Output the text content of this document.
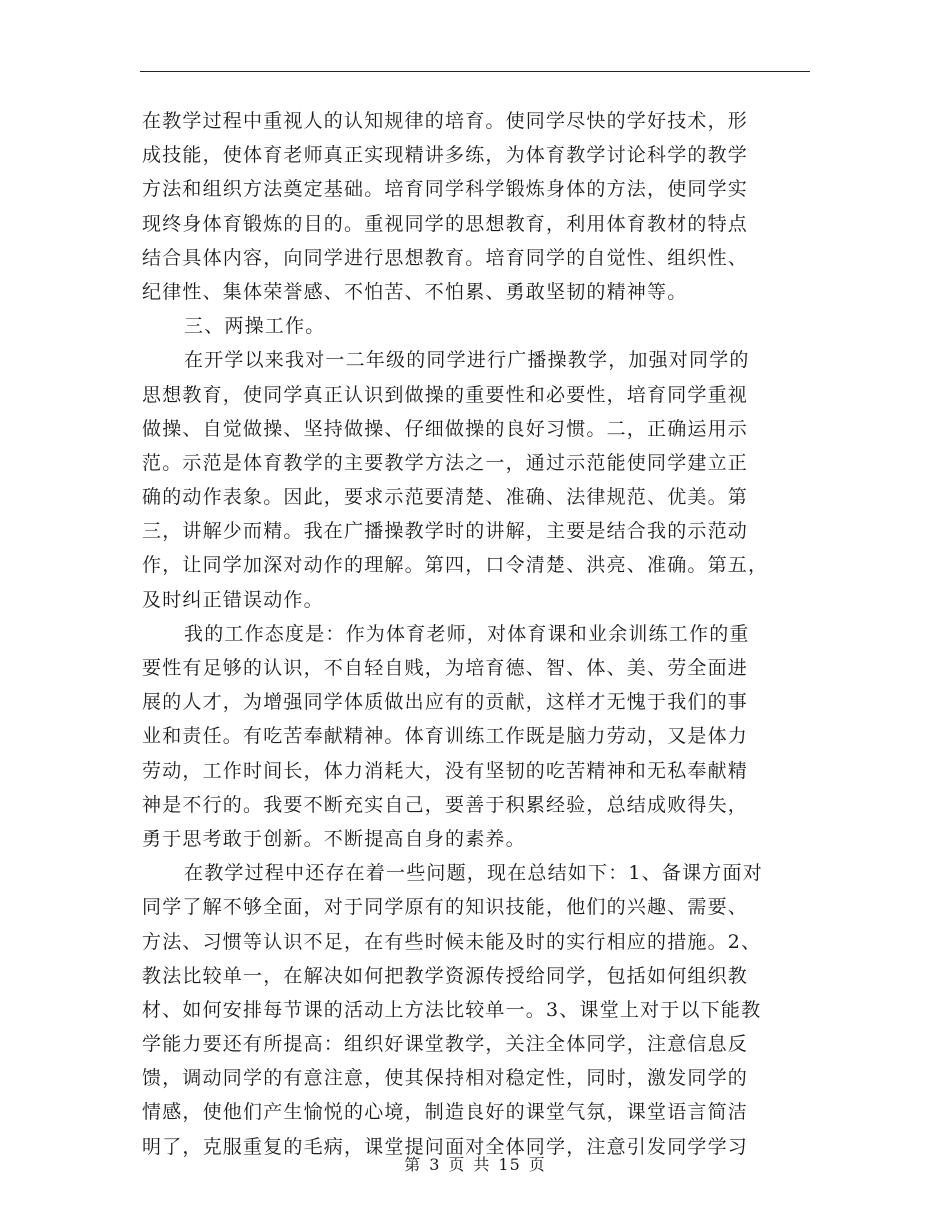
在教学过程中重视人的认知规律的培育。使同学尽快的学好技术，形
成技能，使体育老师真正实现精讲多练，为体育教学讨论科学的教学
方法和组织方法奠定基础。培育同学科学锻炼身体的方法，使同学实
现终身体育锻炼的目的。重视同学的思想教育，利用体育教材的特点
结合具体内容，向同学进行思想教育。培育同学的自觉性、组织性、
纪律性、集体荣誉感、不怕苦、不怕累、勇敢坚韧的精神等。
三、两操工作。
在开学以来我对一二年级的同学进行广播操教学，加强对同学的
思想教育，使同学真正认识到做操的重要性和必要性，培育同学重视
做操、自觉做操、坚持做操、仔细做操的良好习惯。二，正确运用示
范。示范是体育教学的主要教学方法之一，通过示范能使同学建立正
确的动作表象。因此，要求示范要清楚、准确、法律规范、优美。第
三，讲解少而精。我在广播操教学时的讲解，主要是结合我的示范动
作，让同学加深对动作的理解。第四，口令清楚、洪亮、准确。第五，
及时纠正错误动作。
我的工作态度是：作为体育老师，对体育课和业余训练工作的重
要性有足够的认识，不自轻自贱，为培育德、智、体、美、劳全面进
展的人才，为增强同学体质做出应有的贡献，这样才无愧于我们的事
业和责任。有吃苦奉献精神。体育训练工作既是脑力劳动，又是体力
劳动，工作时间长，体力消耗大，没有坚韧的吃苦精神和无私奉献精
神是不行的。我要不断充实自己，要善于积累经验，总结成败得失，
勇于思考敢于创新。不断提高自身的素养。
在教学过程中还存在着一些问题，现在总结如下：1、备课方面对
同学了解不够全面，对于同学原有的知识技能，他们的兴趣、需要、
方法、习惯等认识不足，在有些时候未能及时的实行相应的措施。2、
教法比较单一，在解决如何把教学资源传授给同学，包括如何组织教
材、如何安排每节课的活动上方法比较单一。3、课堂上对于以下能教
学能力要还有所提高：组织好课堂教学，关注全体同学，注意信息反
馈，调动同学的有意注意，使其保持相对稳定性，同时，激发同学的
情感，使他们产生愉悦的心境，制造良好的课堂气氛，课堂语言简洁
明了，克服重复的毛病，课堂提问面对全体同学，注意引发同学学习
第 3 页 共 15 页
